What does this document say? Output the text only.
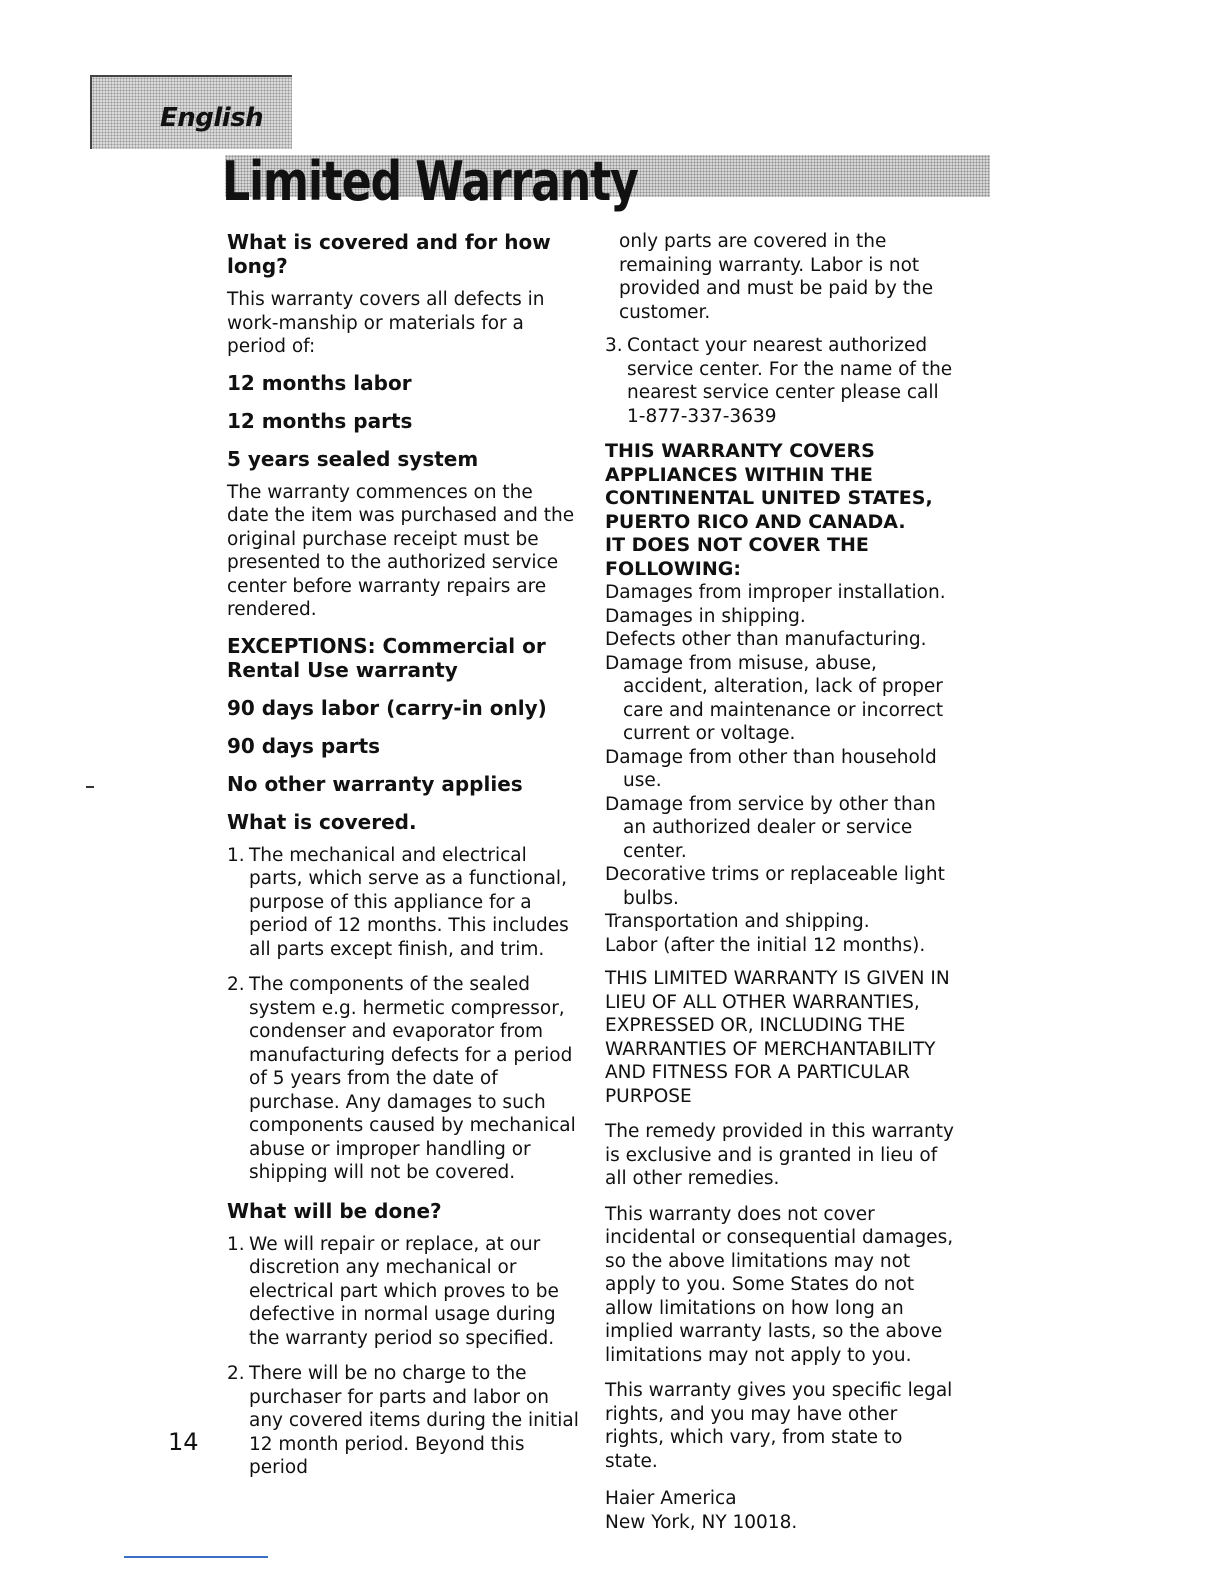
English
Limited Warranty

What is covered and for how long?

This warranty covers all defects in work-manship or materials for a period of:

12 months labor

12 months parts

5 years sealed system

The warranty commences on the date the item was purchased and the original purchase receipt must be presented to the authorized service center before warranty repairs are rendered.

EXCEPTIONS: Commercial or Rental Use warranty

90 days labor (carry-in only)

90 days parts

No other warranty applies

What is covered.

1. The mechanical and electrical parts, which serve as a functional, purpose of this appliance for a period of 12 months. This includes all parts except finish, and trim.
2. The components of the sealed system e.g. hermetic compressor, condenser and evaporator from manufacturing defects for a period of 5 years from the date of purchase. Any damages to such components caused by mechanical abuse or improper handling or shipping will not be covered.

What will be done?

1. We will repair or replace, at our discretion any mechanical or electrical part which proves to be defective in normal usage during the warranty period so specified.
2. There will be no charge to the purchaser for parts and labor on any covered items during the initial 12 month period. Beyond this period

only parts are covered in the remaining warranty. Labor is not provided and must be paid by the customer.

3. Contact your nearest authorized service center. For the name of the nearest service center please call 1-877-337-3639

THIS WARRANTY COVERS APPLIANCES WITHIN THE CONTINENTAL UNITED STATES, PUERTO RICO AND CANADA.

IT DOES NOT COVER THE FOLLOWING:

Damages from improper installation.

Damages in shipping.

Defects other than manufacturing.

Damage from misuse, abuse, accident, alteration, lack of proper care and maintenance or incorrect current or voltage.

Damage from other than household use.

Damage from service by other than an authorized dealer or service center.

Decorative trims or replaceable light bulbs.

Transportation and shipping.

Labor (after the initial 12 months).

THIS LIMITED WARRANTY IS GIVEN IN LIEU OF ALL OTHER WARRANTIES, EXPRESSED OR, INCLUDING THE WARRANTIES OF MERCHANTABILITY AND FITNESS FOR A PARTICULAR PURPOSE

The remedy provided in this warranty is exclusive and is granted in lieu of all other remedies.

This warranty does not cover incidental or consequential damages, so the above limitations may not apply to you. Some States do not allow limitations on how long an implied warranty lasts, so the above limitations may not apply to you.

This warranty gives you specific legal rights, and you may have other rights, which vary, from state to state.

Haier America

New York, NY 10018.

14
